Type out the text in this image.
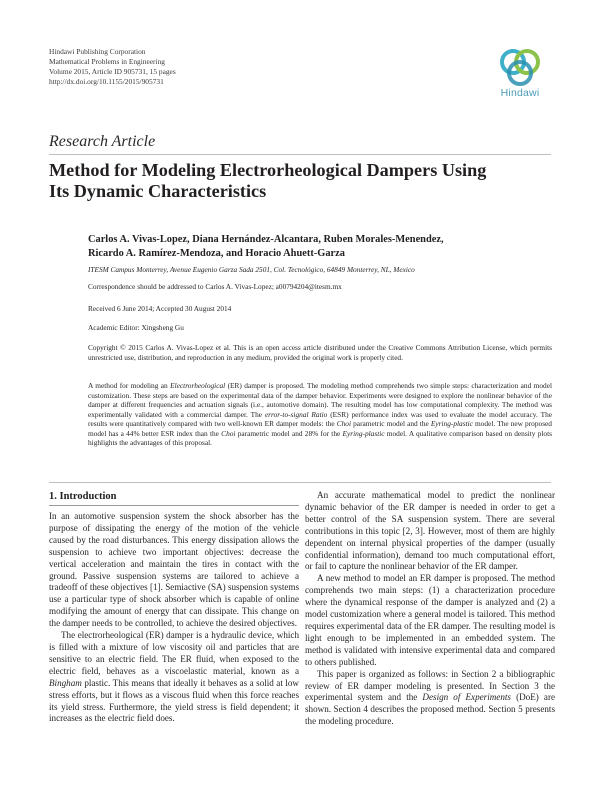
Hindawi Publishing Corporation
Mathematical Problems in Engineering
Volume 2015, Article ID 905731, 15 pages
http://dx.doi.org/10.1155/2015/905731
Hindawi
Research Article
Method for Modeling Electrorheological Dampers Using
Its Dynamic Characteristics
Carlos A. Vivas-Lopez, Diana Hernández-Alcantara, Ruben Morales-Menendez,
Ricardo A. Ramírez-Mendoza, and Horacio Ahuett-Garza
ITESM Campus Monterrey, Avenue Eugenio Garza Sada 2501, Col. Tecnológico, 64849 Monterrey, NL, Mexico
Correspondence should be addressed to Carlos A. Vivas-Lopez; a00794204@itesm.mx
Received 6 June 2014; Accepted 30 August 2014
Academic Editor: Xingsheng Gu
Copyright © 2015 Carlos A. Vivas-Lopez et al. This is an open access article distributed under the Creative Commons Attribution License, which permits unrestricted use, distribution, and reproduction in any medium, provided the original work is properly cited.
A method for modeling an Electrorheological (ER) damper is proposed. The modeling method comprehends two simple steps: characterization and model customization. These steps are based on the experimental data of the damper behavior. Experiments were designed to explore the nonlinear behavior of the damper at different frequencies and actuation signals (i.e., automotive domain). The resulting model has low computational complexity. The method was experimentally validated with a commercial damper. The error-to-signal Ratio (ESR) performance index was used to evaluate the model accuracy. The results were quantitatively compared with two well-known ER damper models: the Choi parametric model and the Eyring-plastic model. The new proposed model has a 44% better ESR index than the Choi parametric model and 28% for the Eyring-plastic model. A qualitative comparison based on density plots highlights the advantages of this proposal.
1. Introduction

In an automotive suspension system the shock absorber has the purpose of dissipating the energy of the motion of the vehicle caused by the road disturbances. This energy dissipation allows the suspension to achieve two important objectives: decrease the vertical acceleration and maintain the tires in contact with the ground. Passive suspension systems are tailored to achieve a tradeoff of these objectives [1]. Semiactive (SA) suspension systems use a particular type of shock absorber which is capable of online modifying the amount of energy that can dissipate. This change on the damper needs to be controlled, to achieve the desired objectives.

The electrorheological (ER) damper is a hydraulic device, which is filled with a mixture of low viscosity oil and particles that are sensitive to an electric field. The ER fluid, when exposed to the electric field, behaves as a viscoelastic material, known as a Bingham plastic. This means that ideally it behaves as a solid at low stress efforts, but it flows as a viscous fluid when this force reaches its yield stress. Furthermore, the yield stress is field dependent; it increases as the electric field does.

An accurate mathematical model to predict the nonlinear dynamic behavior of the ER damper is needed in order to get a better control of the SA suspension system. There are several contributions in this topic [2, 3]. However, most of them are highly dependent on internal physical properties of the damper (usually confidential information), demand too much computational effort, or fail to capture the nonlinear behavior of the ER damper.

A new method to model an ER damper is proposed. The method comprehends two main steps: (1) a characterization procedure where the dynamical response of the damper is analyzed and (2) a model customization where a general model is tailored. This method requires experimental data of the ER damper. The resulting model is light enough to be implemented in an embedded system. The method is validated with intensive experimental data and compared to others published.

This paper is organized as follows: in Section 2 a bibliographic review of ER damper modeling is presented. In Section 3 the experimental system and the Design of Experiments (DoE) are shown. Section 4 describes the proposed method. Section 5 presents the modeling procedure.
